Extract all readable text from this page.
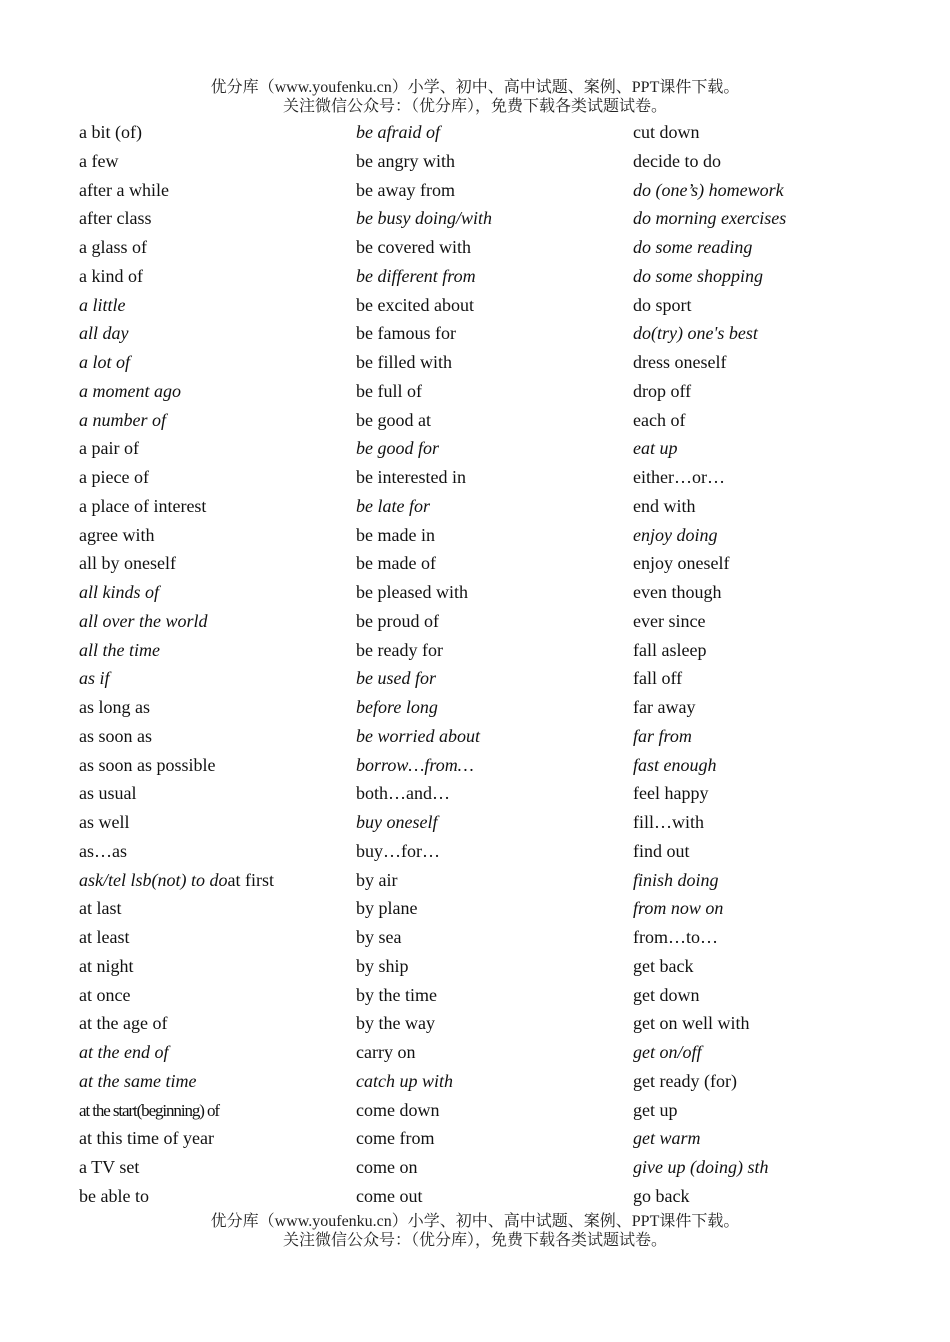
优分库（www.youfenku.cn）小学、初中、高中试题、案例、PPT课件下载。
关注微信公众号：（优分库），免费下载各类试题试卷。
a bit (of)
a few
after a while
after class
a glass of
a kind of
a little
all day
a lot of
a moment ago
a number of
a pair of
a piece of
a place of interest
agree with
all by oneself
all kinds of
all over the world
all the time
as if
as long as
as soon as
as soon as possible
as usual
as well
as…as
ask/tel lsb(not) to doat first
at last
at least
at night
at once
at the age of
at the end of
at the same time
at the start(beginning) of
at this time of year
a TV set
be able to
be afraid of
be angry with
be away from
be busy doing/with
be covered with
be different from
be excited about
be famous for
be filled with
be full of
be good at
be good for
be interested in
be late for
be made in
be made of
be pleased with
be proud of
be ready for
be used for
before long
be worried about
borrow…from…
both…and…
buy oneself
buy…for…
by air
by plane
by sea
by ship
by the time
by the way
carry on
catch up with
come down
come from
come on
come out
cut down
decide to do
do (one’s) homework
do morning exercises
do some reading
do some shopping
do sport
do(try) one's best
dress oneself
drop off
each of
eat up
either…or…
end with
enjoy doing
enjoy oneself
even though
ever since
fall asleep
fall off
far away
far from
fast enough
feel happy
fill…with
find out
finish doing
from now on
from…to…
get back
get down
get on well with
get on/off
get ready (for)
get up
get warm
give up (doing) sth
go back
优分库（www.youfenku.cn）小学、初中、高中试题、案例、PPT课件下载。
关注微信公众号：（优分库），免费下载各类试题试卷。
